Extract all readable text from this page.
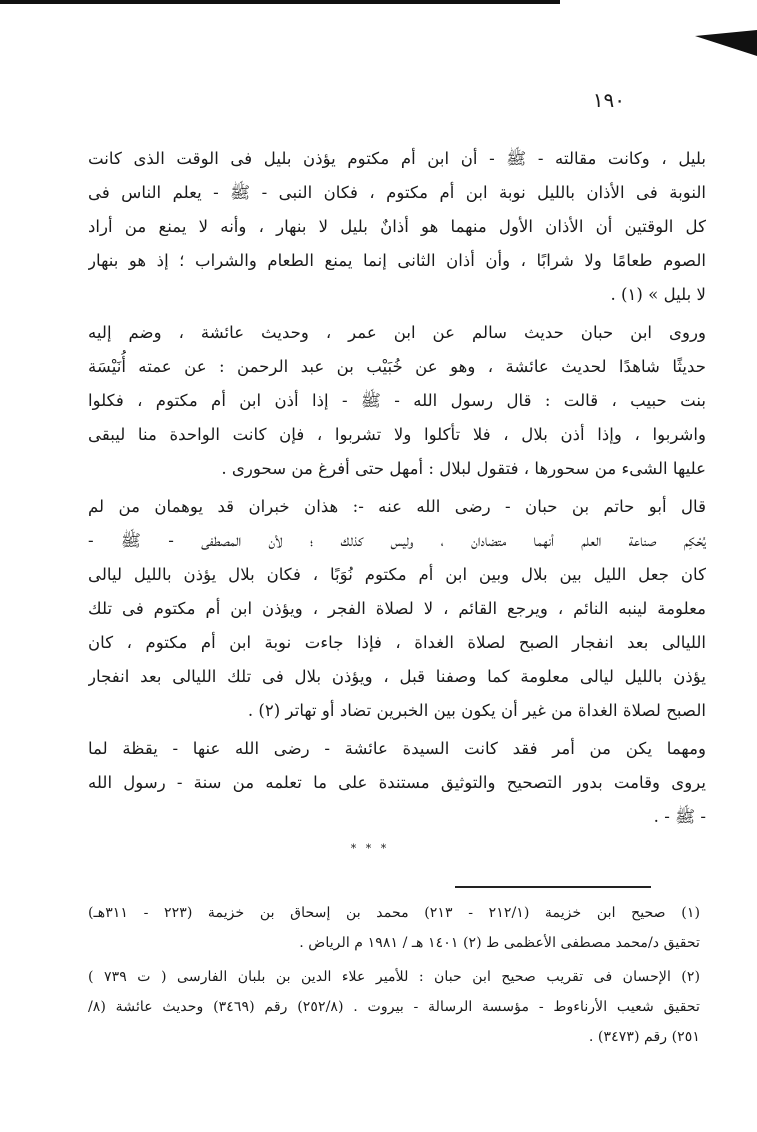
١٩٠
بليل ، وكانت مقالته - ﷺ - أن ابن أم مكتوم يؤذن بليل فى الوقت الذى كانت
النوبة فى الأذان بالليل نوبة ابن أم مكتوم ، فكان النبى - ﷺ - يعلم الناس فى
كل الوقتين أن الأذان الأول منهما هو أذانٌ بليل لا بنهار ، وأنه لا يمنع من أراد
الصوم طعامًا ولا شرابًا ، وأن أذان الثانى إنما يمنع الطعام والشراب ؛ إذ هو بنهار
لا بليل » (١) .
وروى ابن حبان حديث سالم عن ابن عمر ، وحديث عائشة ، وضم إليه
حديثًا شاهدًا لحديث عائشة ، وهو عن خُبَيْب بن عبد الرحمن : عن عمته أُنَيْسَة
بنت حبيب ، قالت : قال رسول الله - ﷺ - إذا أذن ابن أم مكتوم ، فكلوا
واشربوا ، وإذا أذن بلال ، فلا تأكلوا ولا تشربوا ، فإن كانت الواحدة منا ليبقى
عليها الشىء من سحورها ، فتقول لبلال : أمهل حتى أفرغ من سحورى .
قال أبو حاتم بن حبان - رضى الله عنه -: هذان خبران قد يوهمان من لم
يُحْكِم صناعة العلم أنهما متضادان ، وليس كذلك ؛ لأن المصطفى - ﷺ -
كان جعل الليل بين بلال وبين ابن أم مكتوم نُوَبًا ، فكان بلال يؤذن بالليل ليالى
معلومة لينبه النائم ، ويرجع القائم ، لا لصلاة الفجر ، ويؤذن ابن أم مكتوم فى تلك
الليالى بعد انفجار الصبح لصلاة الغداة ، فإذا جاءت نوبة ابن أم مكتوم ، كان
يؤذن بالليل ليالى معلومة كما وصفنا قبل ، ويؤذن بلال فى تلك الليالى بعد انفجار
الصبح لصلاة الغداة من غير أن يكون بين الخبرين تضاد أو تهاتر (٢) .
ومهما يكن من أمر فقد كانت السيدة عائشة - رضى الله عنها - يقظة لما
يروى وقامت بدور التصحيح والتوثيق مستندة على ما تعلمه من سنة - رسول الله
- ﷺ - .
* * *
(١) صحيح ابن خزيمة (٢١٢/١ - ٢١٣) محمد بن إسحاق بن خزيمة (٢٢٣ - ٣١١هـ)
تحقيق د/محمد مصطفى الأعظمى ط (٢) ١٤٠١ هـ / ١٩٨١ م الرياض .
(٢) الإحسان فى تقريب صحيح ابن حبان : للأمير علاء الدين بن بلبان الفارسى ( ت ٧٣٩ )
تحقيق شعيب الأرناءوط - مؤسسة الرسالة - بيروت . (٢٥٢/٨) رقم (٣٤٦٩) وحديث عائشة (٨/
٢٥١) رقم (٣٤٧٣) .
